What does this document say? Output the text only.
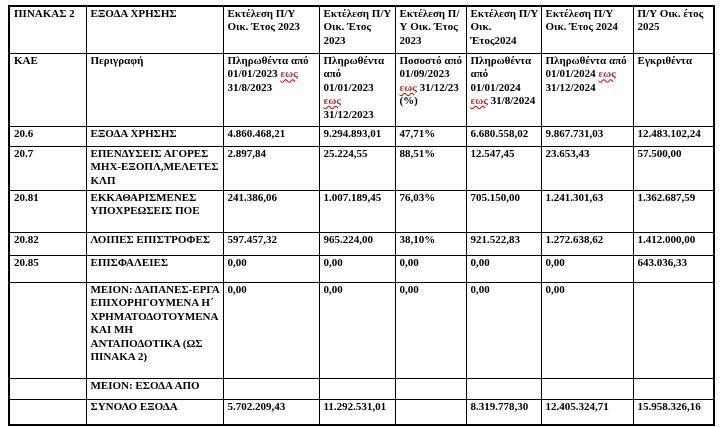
ΠΙΝΑΚΑΣ 2	ΕΞΟΔΑ ΧΡΗΣΗΣ	Εκτέλεση Π/Υ Οικ. Έτος 2023	Εκτέλεση Π/Υ Οικ. Έτος 2023	Εκτέλεση Π/Υ Οικ. Έτος 2023	Εκτέλεση Π/Υ Οικ. Έτος2024	Εκτέλεση Π/Υ Οικ. Έτος 2024	Π/Υ Οικ. έτος 2025
ΚΑΕ	Περιγραφή	Πληρωθέντα από 01/01/2023 εως 31/8/2023	Πληρωθέντα από 01/01/2023 εως 31/12/2023	Ποσοστό από 01/09/2023 εως 31/12/23 (%)	Πληρωθέντα από 01/01/2024 εως 31/8/2024	Πληρωθέντα από 01/01/2024 εως 31/12/2024	Εγκριθέντα
20.6	ΕΞΟΔΑ ΧΡΗΣΗΣ	4.860.468,21	9.294.893,01	47,71%	6.680.558,02	9.867.731,03	12.483.102,24
20.7	ΕΠΕΝΔΥΣΕΙΣ ΑΓΟΡΕΣ ΜΗΧ-ΕΞΟΠΛ,ΜΕΛΕΤΕΣ ΚΛΠ	2.897,84	25.224,55	88,51%	12.547,45	23.653,43	57.500,00
20.81	ΕΚΚΑΘΑΡΙΣΜΕΝΕΣ ΥΠΟΧΡΕΩΣΕΙΣ ΠΟΕ	241.386,06	1.007.189,45	76,03%	705.150,00	1.241.301,63	1.362.687,59
20.82	ΛΟΙΠΕΣ ΕΠΙΣΤΡΟΦΕΣ	597.457,32	965.224,00	38,10%	921.522,83	1.272.638,62	1.412.000,00
20.85	ΕΠΙΣΦΑΛΕΙΕΣ	0,00	0,00	0,00	0,00	0,00	643.036,33
	ΜΕΙΟΝ: ΔΑΠΑΝΕΣ-ΕΡΓΑ ΕΠΙΧΟΡΗΓΟΥΜΕΝΑ Η΄ ΧΡΗΜΑΤΟΔΟΤΟΥΜΕΝΑ ΚΑΙ ΜΗ ΑΝΤΑΠΟΔΟΤΙΚΑ (ΩΣ ΠΙΝΑΚΑ 2)	0,00	0,00	0,00	0,00	0,00	
	ΜΕΙΟΝ: ΕΣΟΔΑ ΑΠΟ						
	ΣΥΝΟΛΟ ΕΞΟΔΑ	5.702.209,43	11.292.531,01		8.319.778,30	12.405.324,71	15.958.326,16
